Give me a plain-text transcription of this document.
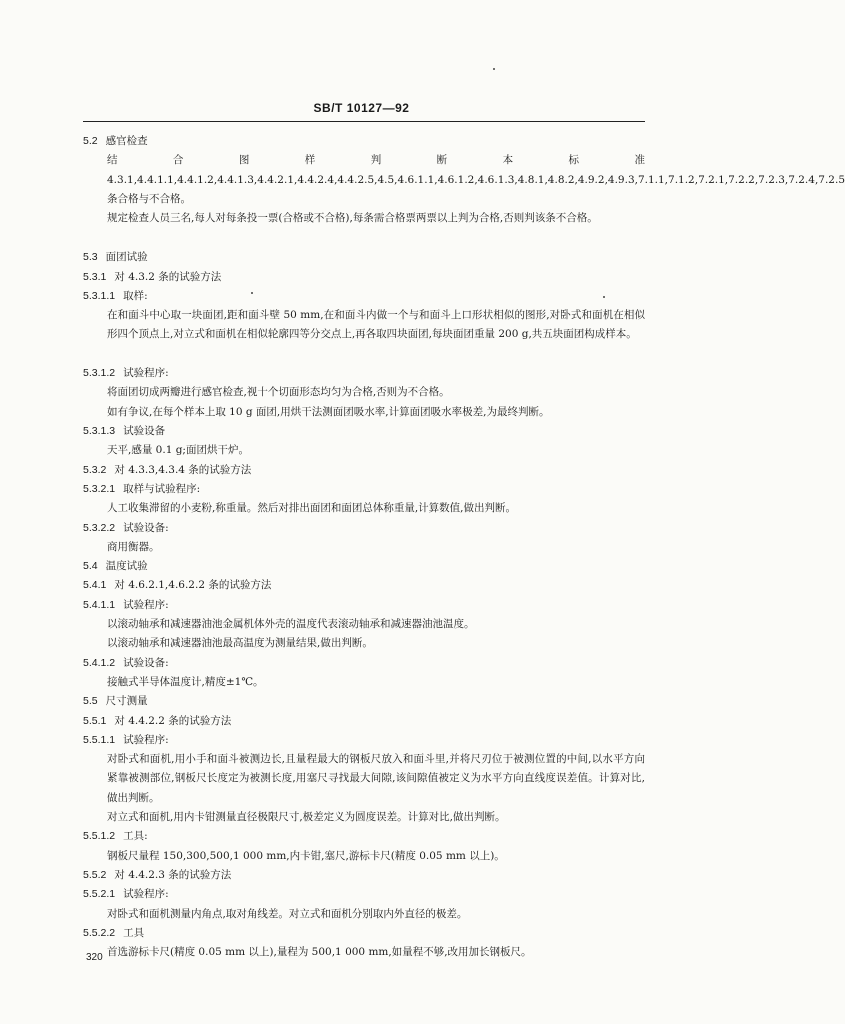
SB/T 10127—92
5.2 感官检查
结合图样判断本标准 4.3.1,4.4.1.1,4.4.1.2,4.4.1.3,4.4.2.1,4.4.2.4,4.4.2.5,4.5,4.6.1.1,4.6.1.2,4.6.1.3,4.8.1,4.8.2,4.9.2,4.9.3,7.1.1,7.1.2,7.2.1,7.2.2,7.2.3,7.2.4,7.2.5条合格与不合格。
规定检查人员三名,每人对每条投一票(合格或不合格),每条需合格票两票以上判为合格,否则判该条不合格。
5.3 面团试验
5.3.1 对 4.3.2 条的试验方法
5.3.1.1 取样:
在和面斗中心取一块面团,距和面斗壁 50 mm,在和面斗内做一个与和面斗上口形状相似的图形,对卧式和面机在相似形四个顶点上,对立式和面机在相似轮廓四等分交点上,再各取四块面团,每块面团重量 200 g,共五块面团构成样本。
5.3.1.2 试验程序:
将面团切成两瓣进行感官检查,视十个切面形态均匀为合格,否则为不合格。
如有争议,在每个样本上取 10 g 面团,用烘干法测面团吸水率,计算面团吸水率极差,为最终判断。
5.3.1.3 试验设备
天平,感量 0.1 g;面团烘干炉。
5.3.2 对 4.3.3,4.3.4 条的试验方法
5.3.2.1 取样与试验程序:
人工收集滞留的小麦粉,称重量。然后对排出面团和面团总体称重量,计算数值,做出判断。
5.3.2.2 试验设备:
商用衡器。
5.4 温度试验
5.4.1 对 4.6.2.1,4.6.2.2 条的试验方法
5.4.1.1 试验程序:
以滚动轴承和减速器油池金属机体外壳的温度代表滚动轴承和减速器油池温度。
以滚动轴承和减速器油池最高温度为测量结果,做出判断。
5.4.1.2 试验设备:
接触式半导体温度计,精度±1℃。
5.5 尺寸测量
5.5.1 对 4.4.2.2 条的试验方法
5.5.1.1 试验程序:
对卧式和面机,用小手和面斗被测边长,且量程最大的钢板尺放入和面斗里,并将尺刃位于被测位置的中间,以水平方向紧靠被测部位,钢板尺长度定为被测长度,用塞尺寻找最大间隙,该间隙值被定义为水平方向直线度误差值。计算对比,做出判断。
对立式和面机,用内卡钳测量直径极限尺寸,极差定义为圆度误差。计算对比,做出判断。
5.5.1.2 工具:
钢板尺量程 150,300,500,1 000 mm,内卡钳,塞尺,游标卡尺(精度 0.05 mm 以上)。
5.5.2 对 4.4.2.3 条的试验方法
5.5.2.1 试验程序:
对卧式和面机测量内角点,取对角线差。对立式和面机分别取内外直径的极差。
5.5.2.2 工具
首选游标卡尺(精度 0.05 mm 以上),量程为 500,1 000 mm,如量程不够,改用加长钢板尺。
320
